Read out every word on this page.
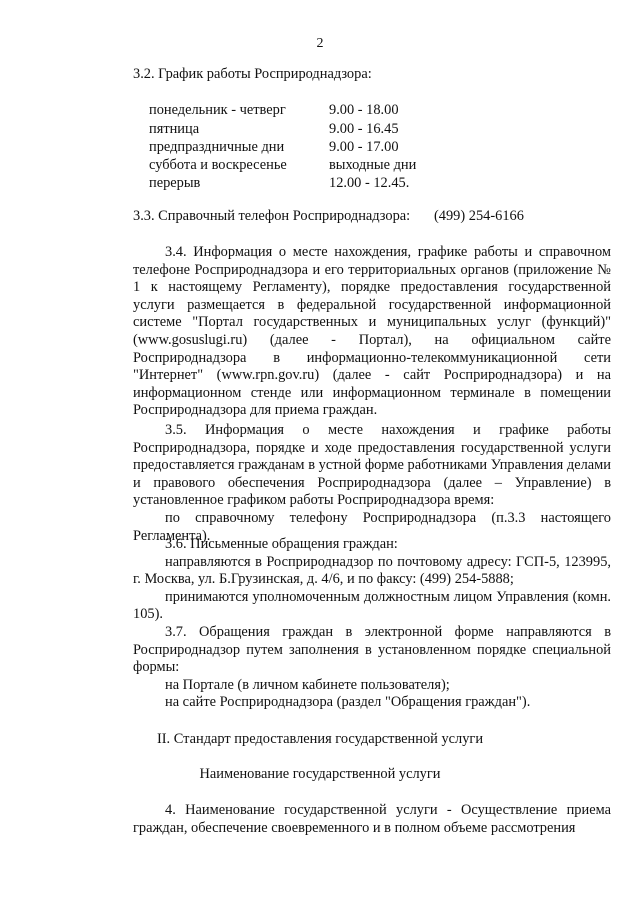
2
3.2. График работы Росприроднадзора:
понедельник - четверг	9.00 - 18.00
пятница	9.00 - 16.45
предпраздничные дни	9.00 - 17.00
суббота и воскресенье	выходные дни
перерыв	12.00 - 12.45.
3.3. Справочный телефон Росприроднадзора: (499) 254-6166

3.4. Информация о месте нахождения, графике работы и справочном телефоне Росприроднадзора и его территориальных органов (приложение № 1 к настоящему Регламенту), порядке предоставления государственной услуги размещается в федеральной государственной информационной системе "Портал государственных и муниципальных услуг (функций)" (www.gosuslugi.ru) (далее - Портал), на официальном сайте Росприроднадзора в информационно-телекоммуникационной сети "Интернет" (www.rpn.gov.ru) (далее - сайт Росприроднадзора) и на информационном стенде или информационном терминале в помещении Росприроднадзора для приема граждан.

3.5. Информация о месте нахождения и графике работы Росприроднадзора, порядке и ходе предоставления государственной услуги предоставляется гражданам в устной форме работниками Управления делами и правового обеспечения Росприроднадзора (далее – Управление) в установленное графиком работы Росприроднадзора время:

по справочному телефону Росприроднадзора (п.3.3 настоящего Регламента).

3.6. Письменные обращения граждан:

направляются в Росприроднадзор по почтовому адресу: ГСП-5, 123995, г. Москва, ул. Б.Грузинская, д. 4/6, и по факсу: (499) 254-5888;

принимаются уполномоченным должностным лицом Управления (комн. 105).

3.7. Обращения граждан в электронной форме направляются в Росприроднадзор путем заполнения в установленном порядке специальной формы:

на Портале (в личном кабинете пользователя);

на сайте Росприроднадзора (раздел "Обращения граждан").

II. Стандарт предоставления государственной услуги
Наименование государственной услуги

4. Наименование государственной услуги - Осуществление приема граждан, обеспечение своевременного и в полном объеме рассмотрения
